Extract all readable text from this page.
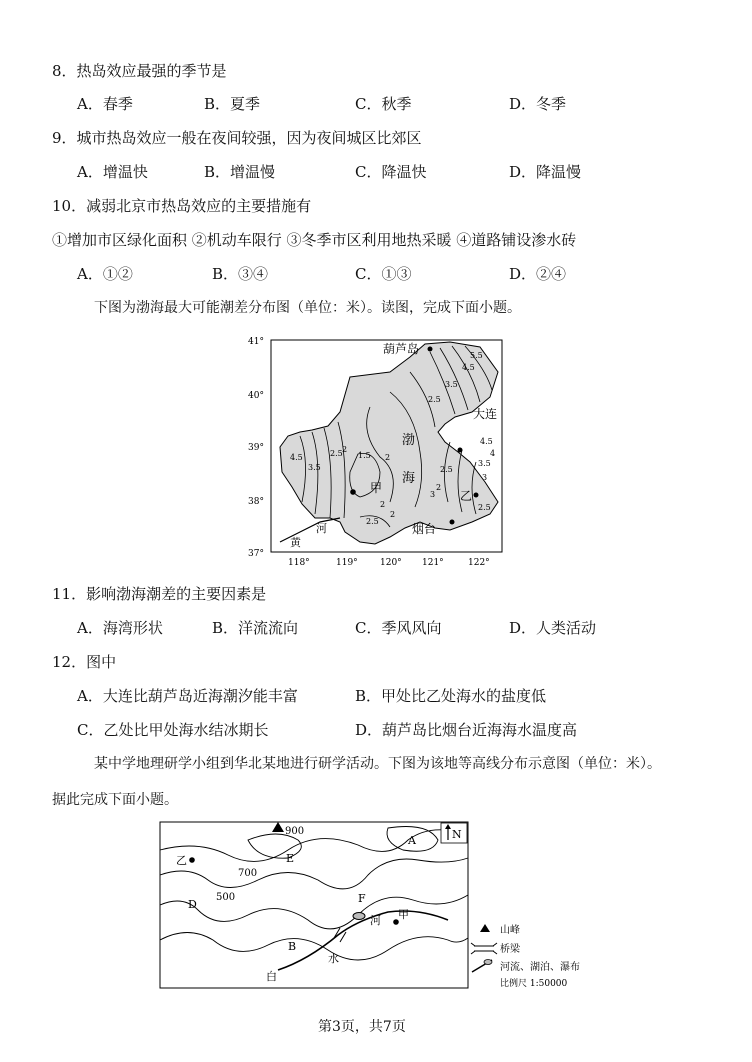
8．热岛效应最强的季节是
A．春季	B．夏季	C．秋季	D．冬季
9．城市热岛效应一般在夜间较强，因为夜间城区比郊区
A．增温快	B．增温慢	C．降温快	D．降温慢
10．减弱北京市热岛效应的主要措施有
①增加市区绿化面积 ②机动车限行 ③冬季市区利用地热采暖 ④道路铺设渗水砖
A．①②	B．③④	C．①③	D．②④
下图为渤海最大可能潮差分布图（单位：米）。读图，完成下面小题。
41°
40°
39°
38°
37°
118°	119° 120° 121°	122°
葫芦岛
大连
渤
海
甲
乙
烟台
河
黄
5.5
4.5
3.5
2.5
4.5
3.5
2.5
3
2
4.5
3.5
3
2.5
2
1.5 2
2.5
2
4
2.5
2
11．影响渤海潮差的主要因素是
A．海湾形状	B．洋流流向	C．季风风向	D．人类活动
12．图中
A．大连比葫芦岛近海潮汐能丰富	B．甲处比乙处海水的盐度低
C．乙处比甲处海水结冰期长	D．葫芦岛比烟台近海海水温度高
某中学地理研学小组到华北某地进行研学活动。下图为该地等高线分布示意图（单位：米）。
据此完成下面小题。
900
700
500
A
B
D
E
F
乙
甲
河
水
白
N
山峰
桥梁
河流、湖泊、瀑布
比例尺 1:50000
第3页，共7页
